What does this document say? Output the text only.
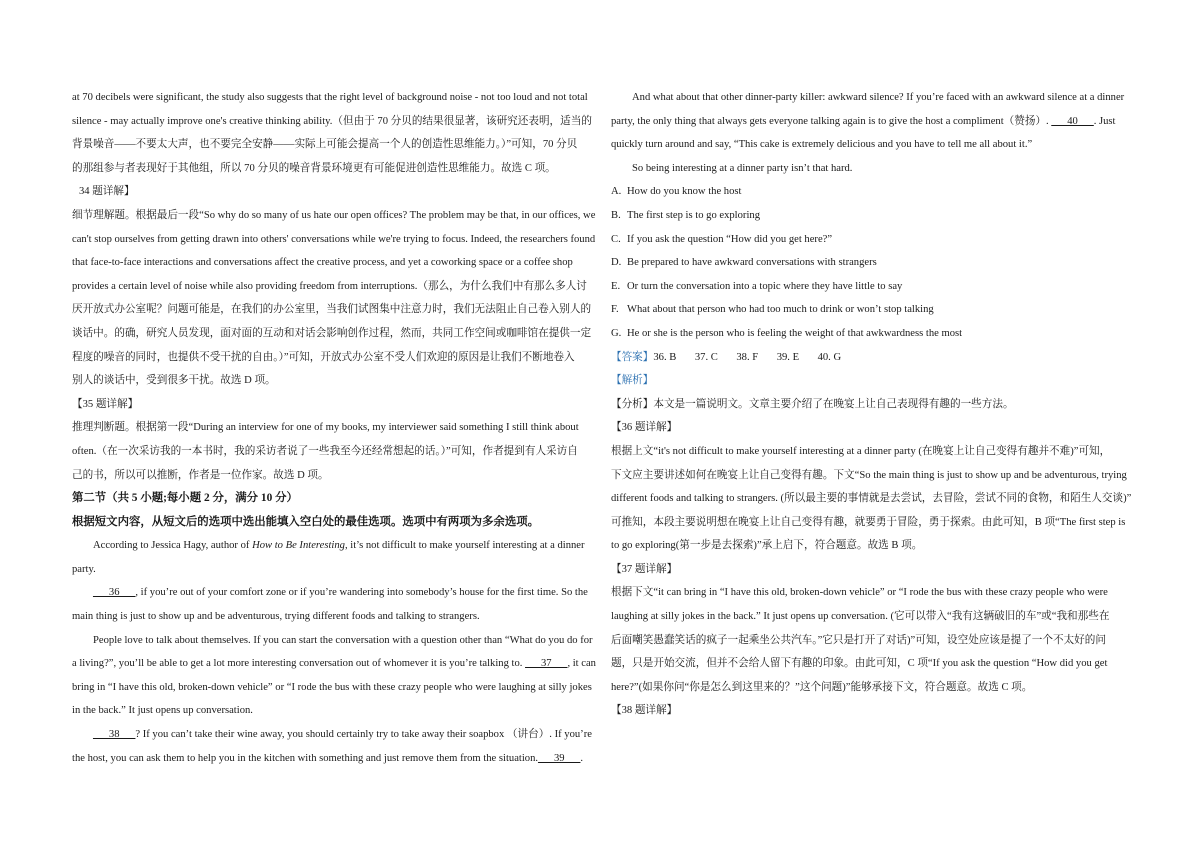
at 70 decibels were significant, the study also suggests that the right level of background noise - not too loud and not total
silence - may actually improve one's creative thinking ability.（但由于 70 分贝的结果很显著，该研究还表明，适当的
背景噪音——不要太大声，也不要完全安静——实际上可能会提高一个人的创造性思维能力。）”可知，70 分贝
的那组参与者表现好于其他组，所以 70 分贝的噪音背景环境更有可能促进创造性思维能力。故选 C 项。
34 题详解】
细节理解题。根据最后一段“So why do so many of us hate our open offices? The problem may be that, in our offices, we
can't stop ourselves from getting drawn into others' conversations while we're trying to focus. Indeed, the researchers found
that face-to-face interactions and conversations affect the creative process, and yet a coworking space or a coffee shop
provides a certain level of noise while also providing freedom from interruptions.（那么，为什么我们中有那么多人讨
厌开放式办公室呢？问题可能是，在我们的办公室里，当我们试图集中注意力时，我们无法阻止自己卷入别人的
谈话中。的确，研究人员发现，面对面的互动和对话会影响创作过程，然而，共同工作空间或咖啡馆在提供一定
程度的噪音的同时，也提供不受干扰的自由。）”可知，开放式办公室不受人们欢迎的原因是让我们不断地卷入
别人的谈话中，受到很多干扰。故选 D 项。
【35 题详解】
推理判断题。根据第一段“During an interview for one of my books, my interviewer said something I still think about
often.（在一次采访我的一本书时，我的采访者说了一些我至今还经常想起的话。）”可知，作者提到有人采访自
己的书，所以可以推断，作者是一位作家。故选 D 项。
第二节（共 5 小题;每小题 2 分，满分 10 分）
根据短文内容，从短文后的选项中选出能填入空白处的最佳选项。选项中有两项为多余选项。
According to Jessica Hagy, author of How to Be Interesting, it’s not difficult to make yourself interesting at a dinner
party.
___36___, if you’re out of your comfort zone or if you’re wandering into somebody’s house for the first time. So the
main thing is just to show up and be adventurous, trying different foods and talking to strangers.
People love to talk about themselves. If you can start the conversation with a question other than “What do you do for
a living?”, you’ll be able to get a lot more interesting conversation out of whomever it is you’re talking to. ___37___, it can
bring in “I have this old, broken-down vehicle” or “I rode the bus with these crazy people who were laughing at silly jokes
in the back.” It just opens up conversation.
___38___? If you can’t take their wine away, you should certainly try to take away their soapbox （讲台）. If you’re
the host, you can ask them to help you in the kitchen with something and just remove them from the situation.___39___.
And what about that other dinner-party killer: awkward silence? If you’re faced with an awkward silence at a dinner
party, the only thing that always gets everyone talking again is to give the host a compliment（赞扬）. ___40___. Just
quickly turn around and say, “This cake is extremely delicious and you have to tell me all about it.”
So being interesting at a dinner party isn’t that hard.
A. How do you know the host
B. The first step is to go exploring
C. If you ask the question “How did you get here?”
D. Be prepared to have awkward conversations with strangers
E. Or turn the conversation into a topic where they have little to say
F. What about that person who had too much to drink or won’t stop talking
G. He or she is the person who is feeling the weight of that awkwardness the most
【答案】36. B       37. C       38. F       39. E       40. G
【解析】
【分析】本文是一篇说明文。文章主要介绍了在晚宴上让自己表现得有趣的一些方法。
【36 题详解】
根据上文“it's not difficult to make yourself interesting at a dinner party (在晚宴上让自己变得有趣并不难)”可知，
下文应主要讲述如何在晚宴上让自己变得有趣。下文“So the main thing is just to show up and be adventurous, trying
different foods and talking to strangers. (所以最主要的事情就是去尝试，去冒险，尝试不同的食物，和陌生人交谈)”
可推知，本段主要说明想在晚宴上让自己变得有趣，就要勇于冒险，勇于探索。由此可知，B 项“The first step is
to go exploring(第一步是去探索)”承上启下，符合题意。故选 B 项。
【37 题详解】
根据下文“it can bring in “I have this old, broken-down vehicle” or “I rode the bus with these crazy people who were
laughing at silly jokes in the back.” It just opens up conversation. (它可以带入“我有这辆破旧的车”或“我和那些在
后面嘲笑愚蠢笑话的疯子一起乘坐公共汽车。”它只是打开了对话)”可知，设空处应该是提了一个不太好的问
题，只是开始交流，但并不会给人留下有趣的印象。由此可知，C 项“If you ask the question “How did you get
here?”(如果你问“你是怎么到这里来的？”这个问题)”能够承接下文，符合题意。故选 C 项。
【38 题详解】
